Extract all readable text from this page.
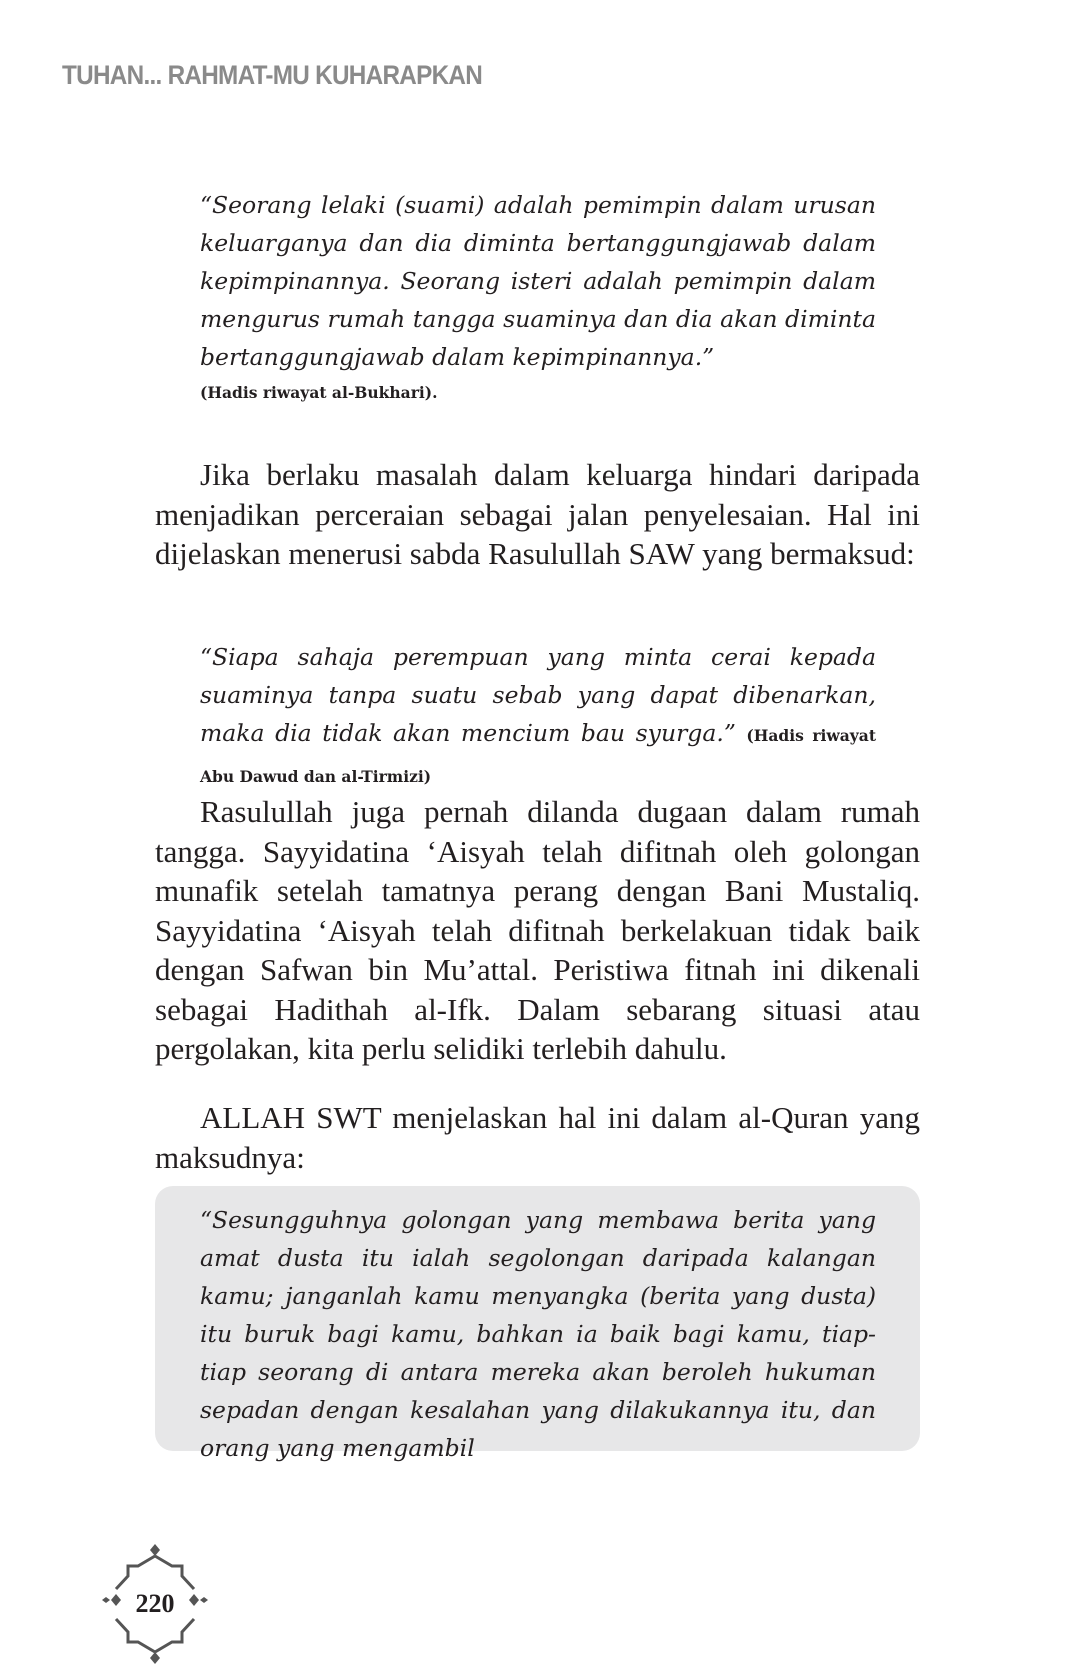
TUHAN... RAHMAT-MU KUHARAPKAN
“Seorang lelaki (suami) adalah pemimpin dalam urusan keluarganya dan dia diminta bertanggungjawab dalam kepimpinannya. Seorang isteri adalah pemimpin dalam mengurus rumah tangga suaminya dan dia akan diminta bertanggungjawab dalam kepimpinannya.”
(Hadis riwayat al-Bukhari).

Jika berlaku masalah dalam keluarga hindari daripada menjadikan perceraian sebagai jalan penyelesaian. Hal ini dijelaskan menerusi sabda Rasulullah SAW yang bermaksud:

“Siapa sahaja perempuan yang minta cerai kepada suaminya tanpa suatu sebab yang dapat dibenarkan, maka dia tidak akan mencium bau syurga.” (Hadis riwayat Abu Dawud dan al-Tirmizi)

Rasulullah juga pernah dilanda dugaan dalam rumah tangga. Sayyidatina ‘Aisyah telah difitnah oleh golongan munafik setelah tamatnya perang dengan Bani Mustaliq. Sayyidatina ‘Aisyah telah difitnah berkelakuan tidak baik dengan Safwan bin Mu’attal. Peristiwa fitnah ini dikenali sebagai Hadithah al-Ifk. Dalam sebarang situasi atau pergolakan, kita perlu selidiki terlebih dahulu.

ALLAH SWT menjelaskan hal ini dalam al-Quran yang maksudnya:

“Sesungguhnya golongan yang membawa berita yang amat dusta itu ialah segolongan daripada kalangan kamu; janganlah kamu menyangka (berita yang dusta) itu buruk bagi kamu, bahkan ia baik bagi kamu, tiap-tiap seorang di antara mereka akan beroleh hukuman sepadan dengan kesalahan yang dilakukannya itu, dan orang yang mengambil
220
